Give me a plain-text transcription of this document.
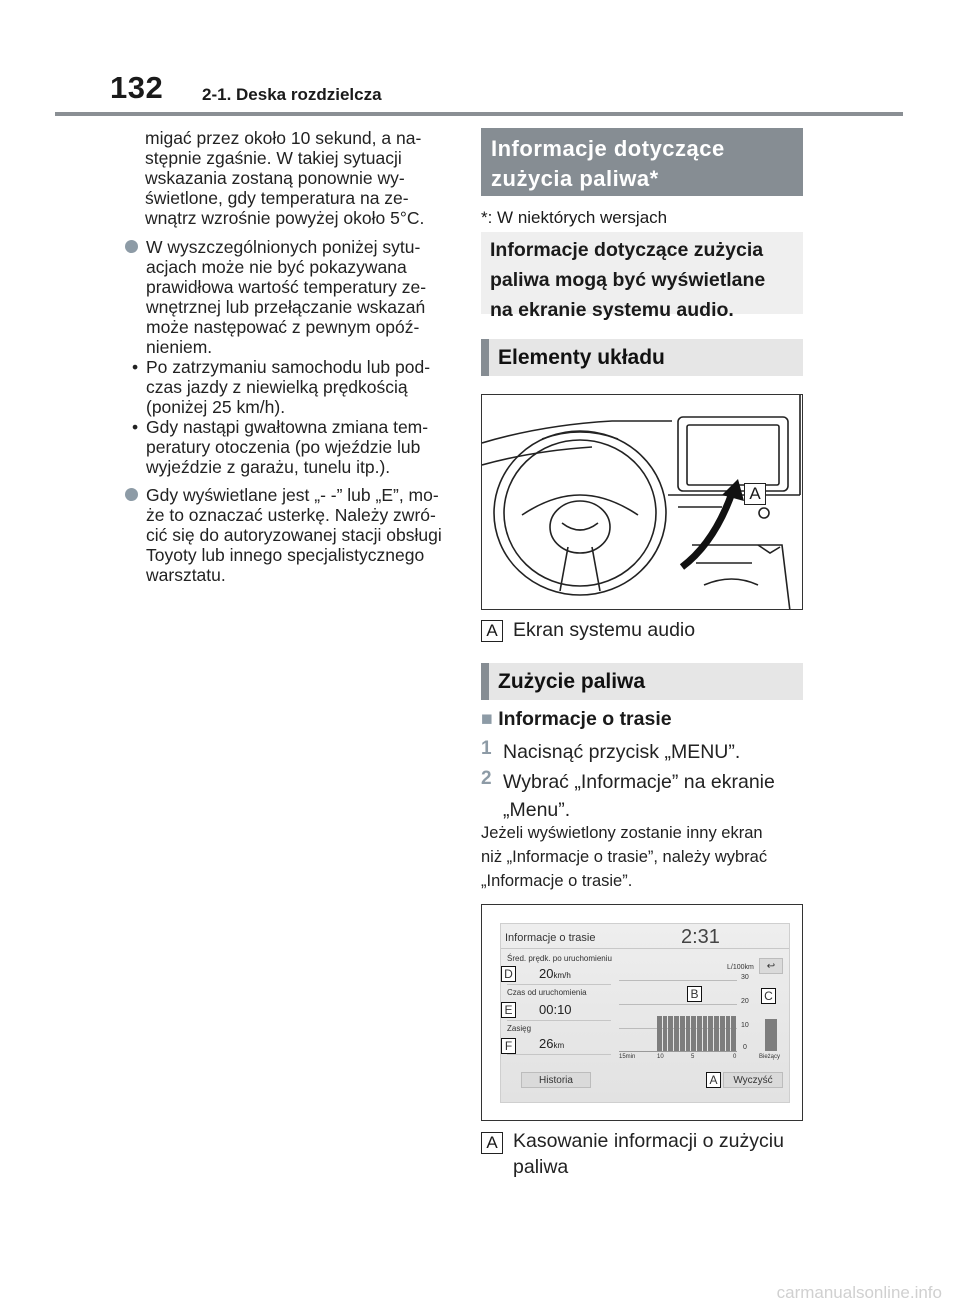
132 2-1. Deska rozdzielcza
migać przez około 10 sekund, a na-
stępnie zgaśnie. W takiej sytuacji
wskazania zostaną ponownie wy-
świetlone, gdy temperatura na ze-
wnątrz wzrośnie powyżej około 5°C.
W wyszczególnionych poniżej sytu-
acjach może nie być pokazywana
prawidłowa wartość temperatury ze-
wnętrznej lub przełączanie wskazań
może następować z pewnym opóź-
nieniem.
• Po zatrzymaniu samochodu lub pod-
czas jazdy z niewielką prędkością
(poniżej 25 km/h).
• Gdy nastąpi gwałtowna zmiana tem-
peratury otoczenia (po wjeździe lub
wyjeździe z garażu, tunelu itp.).
Gdy wyświetlane jest „- -” lub „E”, mo-
że to oznaczać usterkę. Należy zwró-
cić się do autoryzowanej stacji obsługi
Toyoty lub innego specjalistycznego
warsztatu.
Informacje dotyczące
zużycia paliwa*
*: W niektórych wersjach
Informacje dotyczące zużycia
paliwa mogą być wyświetlane
na ekranie systemu audio.
Elementy układu
A
A Ekran systemu audio
Zużycie paliwa
■ Informacje o trasie
1 Nacisnąć przycisk „MENU”.
2 Wybrać „Informacje” na ekranie
„Menu”.
Jeżeli wyświetlony zostanie inny ekran
niż „Informacje o trasie”, należy wybrać
„Informacje o trasie”.
Informacje o trasie	2:31
Śred. prędk. po uruchomieniu
20km/h
Czas od uruchomienia
00:10
Zasięg
26km
Historia	Wyczyść
L/100km	↩
30
20
10
0
15min	10	5	0	Bieżący
D
E
F
B	C
A
A Kasowanie informacji o zużyciu
paliwa
carmanualsonline.info
